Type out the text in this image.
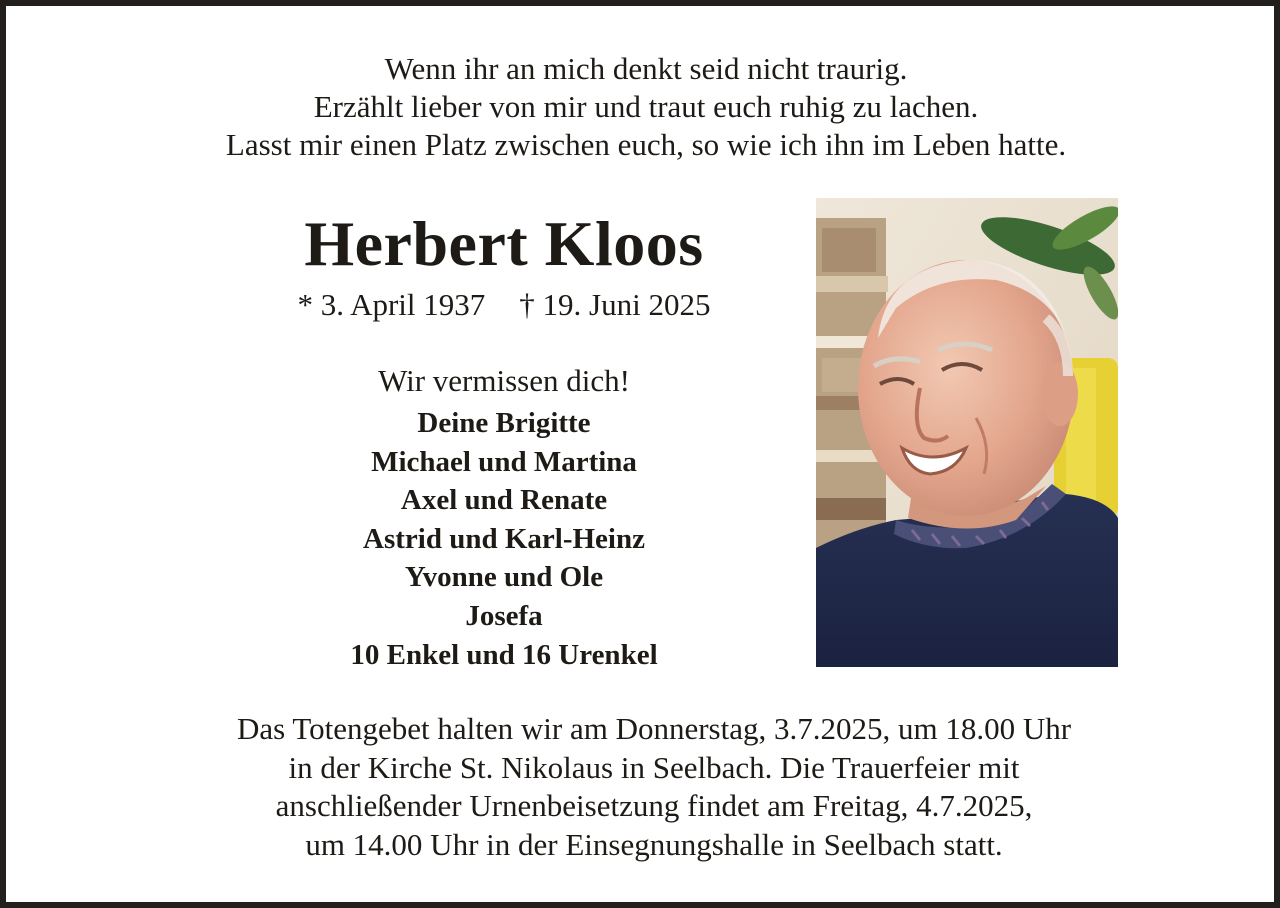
Wenn ihr an mich denkt seid nicht traurig.
Erzählt lieber von mir und traut euch ruhig zu lachen.
Lasst mir einen Platz zwischen euch, so wie ich ihn im Leben hatte.
Herbert Kloos
* 3. April 1937 † 19. Juni 2025
Wir vermissen dich!
Deine Brigitte
Michael und Martina
Axel und Renate
Astrid und Karl-Heinz
Yvonne und Ole
Josefa
10 Enkel und 16 Urenkel
Das Totengebet halten wir am Donnerstag, 3.7.2025, um 18.00 Uhr
in der Kirche St. Nikolaus in Seelbach. Die Trauerfeier mit
anschließender Urnenbeisetzung findet am Freitag, 4.7.2025,
um 14.00 Uhr in der Einsegnungshalle in Seelbach statt.
